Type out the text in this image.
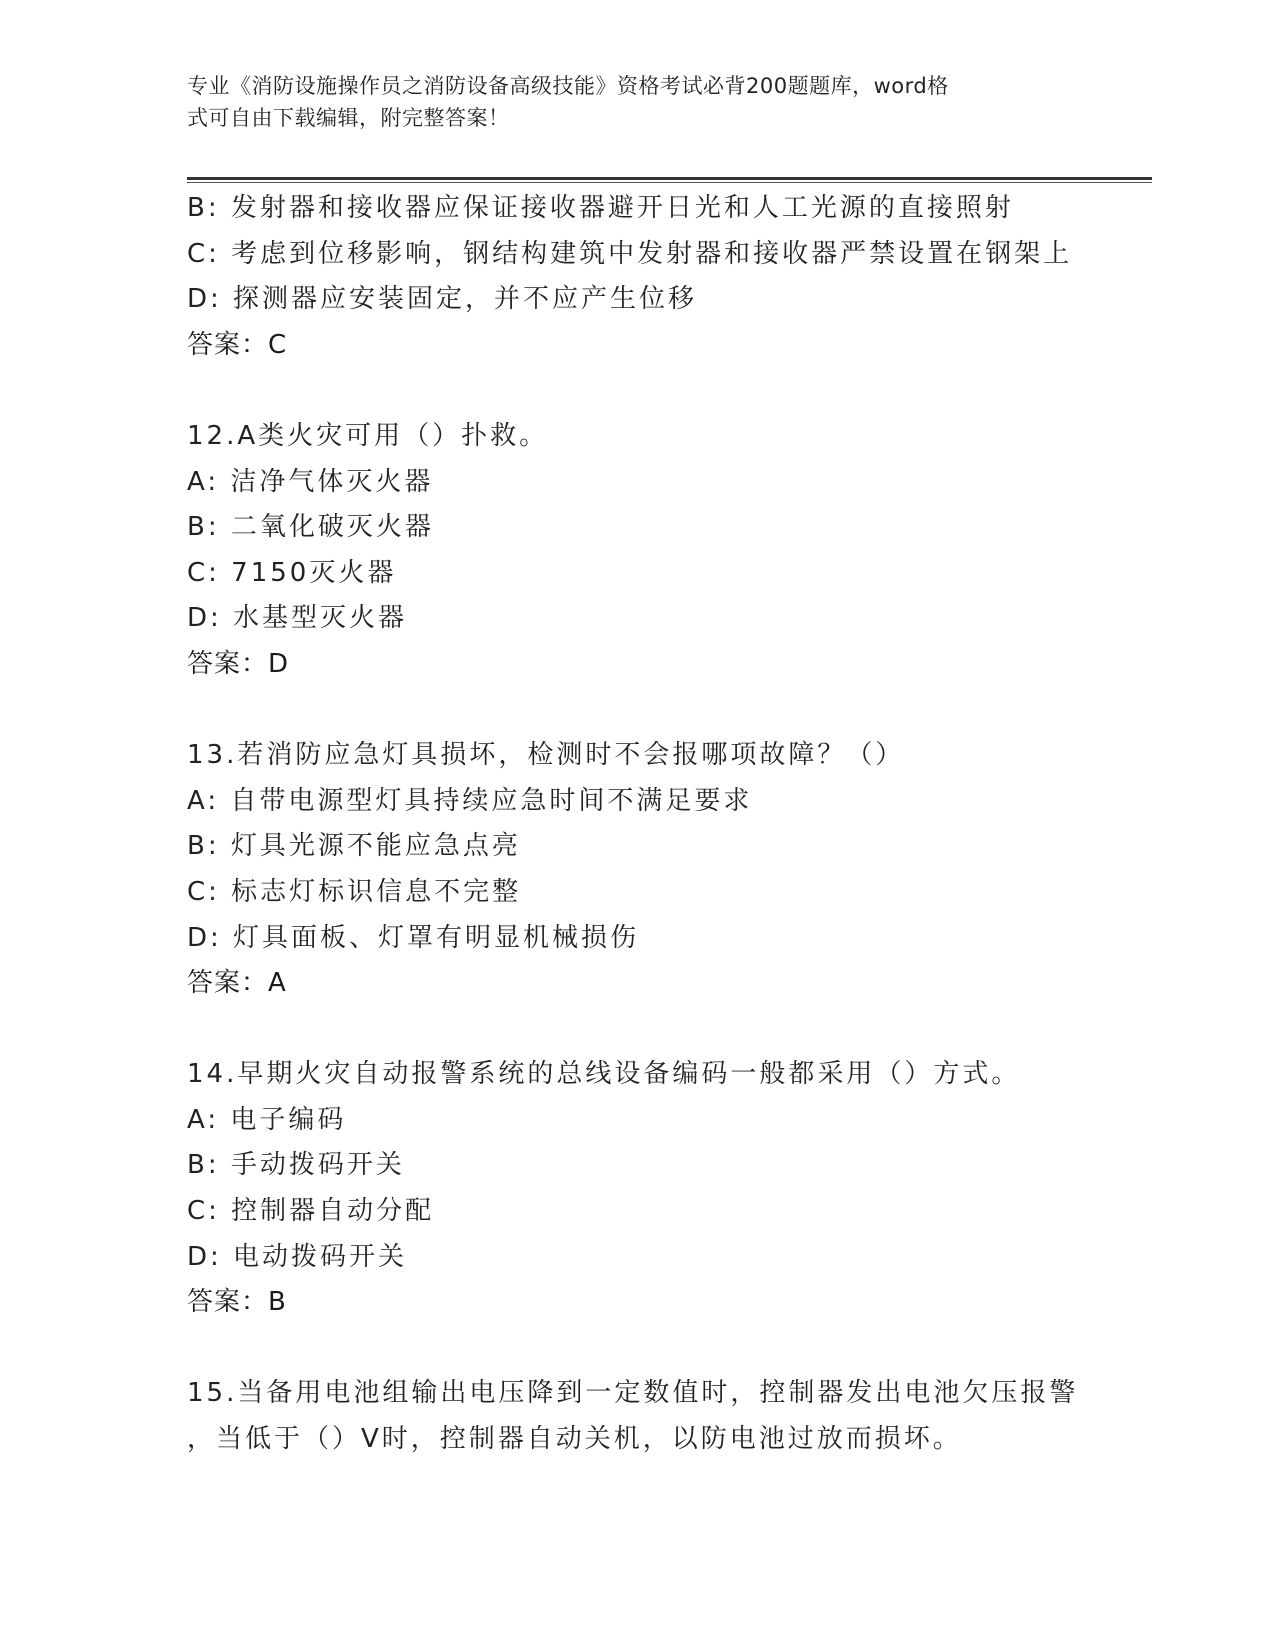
专业《消防设施操作员之消防设备高级技能》资格考试必背200题题库，word格
式可自由下载编辑，附完整答案！
B: 发射器和接收器应保证接收器避开日光和人工光源的直接照射
C: 考虑到位移影响，钢结构建筑中发射器和接收器严禁设置在钢架上
D: 探测器应安装固定，并不应产生位移
答案：C
12.A类火灾可用（）扑救。
A: 洁净气体灭火器
B: 二氧化破灭火器
C: 7150灭火器
D: 水基型灭火器
答案：D
13.若消防应急灯具损坏，检测时不会报哪项故障？（）
A: 自带电源型灯具持续应急时间不满足要求
B: 灯具光源不能应急点亮
C: 标志灯标识信息不完整
D: 灯具面板、灯罩有明显机械损伤
答案：A
14.早期火灾自动报警系统的总线设备编码一般都采用（）方式。
A: 电子编码
B: 手动拨码开关
C: 控制器自动分配
D: 电动拨码开关
答案：B
15.当备用电池组输出电压降到一定数值时，控制器发出电池欠压报警
，当低于（）V时，控制器自动关机，以防电池过放而损坏。
